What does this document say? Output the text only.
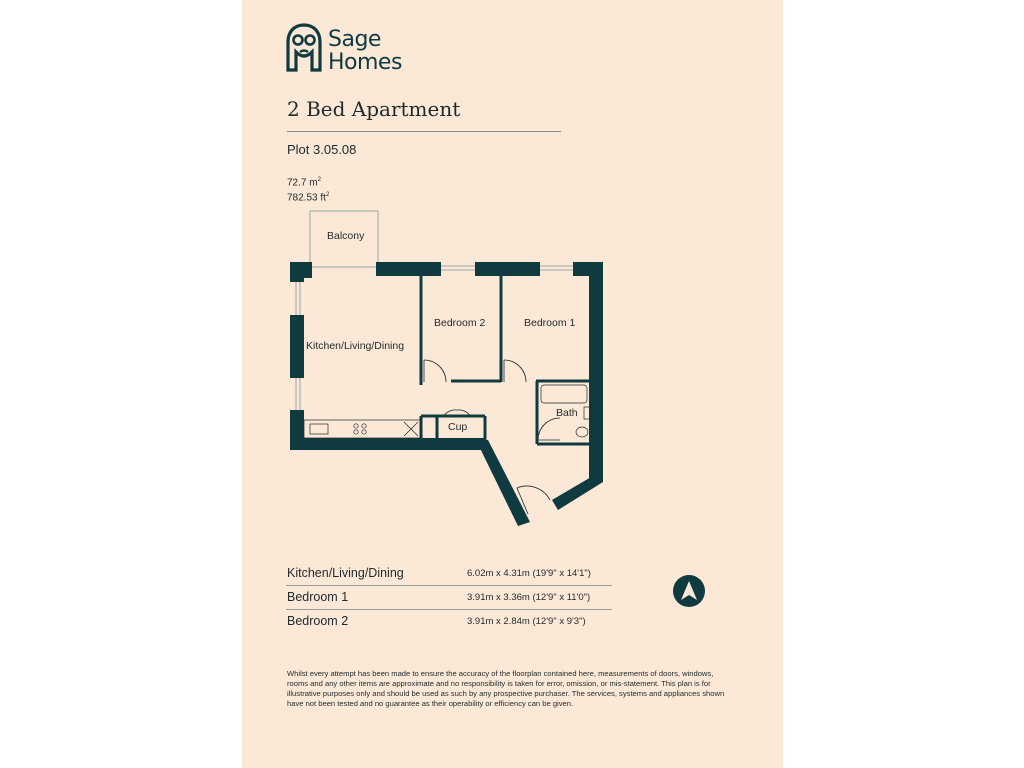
Sage
Homes
2 Bed Apartment
Plot 3.05.08
72.7 $m^2$
782.53 $ft^2$
Balcony
Kitchen/Living/Dining
Bedroom 2	Bedroom 1
Bath
Cup
Kitchen/Living/Dining	6.02m x 4.31m (19'9" x 14'1")
Bedroom 1	3.91m x 3.36m (12'9" x 11'0")
Bedroom 2	3.91m x 2.84m (12'9" x 9'3")
Whilst every attempt has been made to ensure the accuracy of the floorplan contained here, measurements of doors, windows, rooms and any other items are approximate and no responsibility is taken for error, omission, or mis-statement. This plan is for illustrative purposes only and should be used as such by any prospective purchaser. The services, systems and appliances shown have not been tested and no guarantee as their operability or efficiency can be given.
